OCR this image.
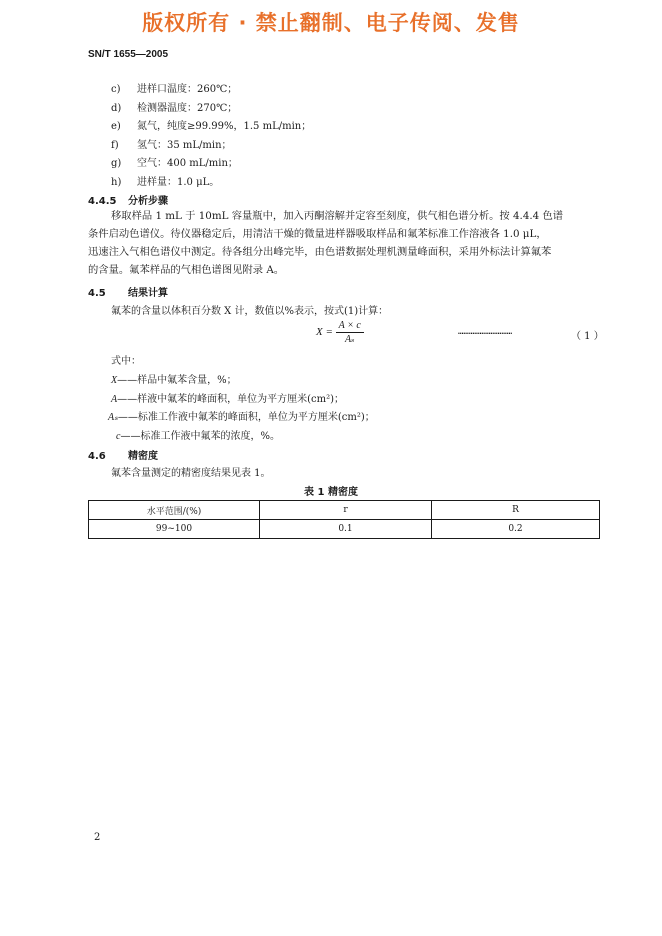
版权所有 · 禁止翻制、电子传阅、发售
SN/T 1655—2005
c) 进样口温度：260℃；
d) 检测器温度：270℃；
e) 氮气，纯度≥99.99%，1.5 mL/min；
f) 氢气：35 mL/min；
g) 空气：400 mL/min；
h) 进样量：1.0 μL。
4.4.5 分析步骤
移取样品 1 mL 于 10mL 容量瓶中，加入丙酮溶解并定容至刻度，供气相色谱分析。按 4.4.4 色谱
条件启动色谱仪。待仪器稳定后，用清洁干燥的微量进样器吸取样品和氟苯标准工作溶液各 1.0 μL，
迅速注入气相色谱仪中测定。待各组分出峰完毕，由色谱数据处理机测量峰面积，采用外标法计算氟苯
的含量。氟苯样品的气相色谱图见附录 A。
4.5 结果计算
氟苯的含量以体积百分数 X 计，数值以%表示，按式(1)计算：
$X = \frac{A \times c}{\text{Aₛ}}$	…………………………	（ 1 ）
式中：
X——样品中氟苯含量，%；
A——样液中氟苯的峰面积，单位为平方厘米(cm²)；
Aₛ——标准工作液中氟苯的峰面积，单位为平方厘米(cm²)；
c——标准工作液中氟苯的浓度，%。
4.6 精密度
氟苯含量测定的精密度结果见表 1。
表 1 精密度
水平范围/(%)	r	R
99~100	0.1	0.2
2
